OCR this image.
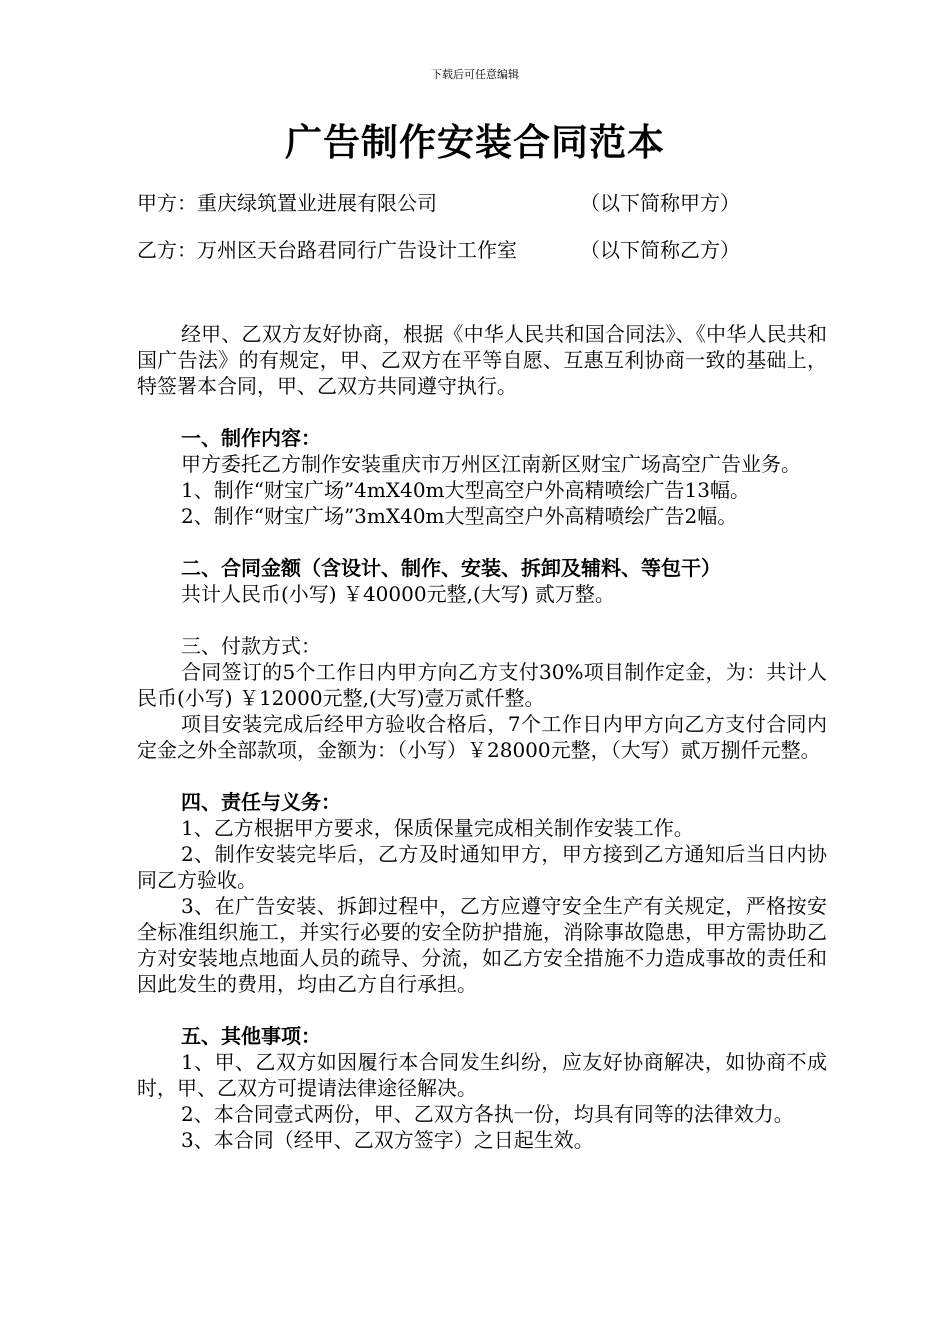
下载后可任意编辑
广告制作安装合同范本
甲方：重庆绿筑置业进展有限公司	（以下简称甲方）
乙方：万州区天台路君同行广告设计工作室	（以下简称乙方）

经甲、乙双方友好协商，根据《中华人民共和国合同法》、《中华人民共和国广告法》的有规定，甲、乙双方在平等自愿、互惠互利协商一致的基础上，特签署本合同，甲、乙双方共同遵守执行。

一、制作内容：

甲方委托乙方制作安装重庆市万州区江南新区财宝广场高空广告业务。

1、制作“财宝广场”4mX40m大型高空户外高精喷绘广告13幅。

2、制作“财宝广场”3mX40m大型高空户外高精喷绘广告2幅。

二、合同金额（含设计、制作、安装、拆卸及辅料、等包干）

共计人民币(小写) ￥40000元整,(大写) 贰万整。

三、付款方式：

合同签订的5个工作日内甲方向乙方支付30%项目制作定金，为：共计人民币(小写) ￥12000元整,(大写)壹万贰仟整。

项目安装完成后经甲方验收合格后，7个工作日内甲方向乙方支付合同内定金之外全部款项，金额为：（小写）￥28000元整，（大写）贰万捌仟元整。

四、责任与义务：

1、乙方根据甲方要求，保质保量完成相关制作安装工作。

2、制作安装完毕后，乙方及时通知甲方，甲方接到乙方通知后当日内协同乙方验收。

3、在广告安装、拆卸过程中，乙方应遵守安全生产有关规定，严格按安全标准组织施工，并实行必要的安全防护措施，消除事故隐患，甲方需协助乙方对安装地点地面人员的疏导、分流，如乙方安全措施不力造成事故的责任和因此发生的费用，均由乙方自行承担。

五、其他事项：

1、甲、乙双方如因履行本合同发生纠纷，应友好协商解决，如协商不成时，甲、乙双方可提请法律途径解决。

2、本合同壹式两份，甲、乙双方各执一份，均具有同等的法律效力。

3、本合同（经甲、乙双方签字）之日起生效。
